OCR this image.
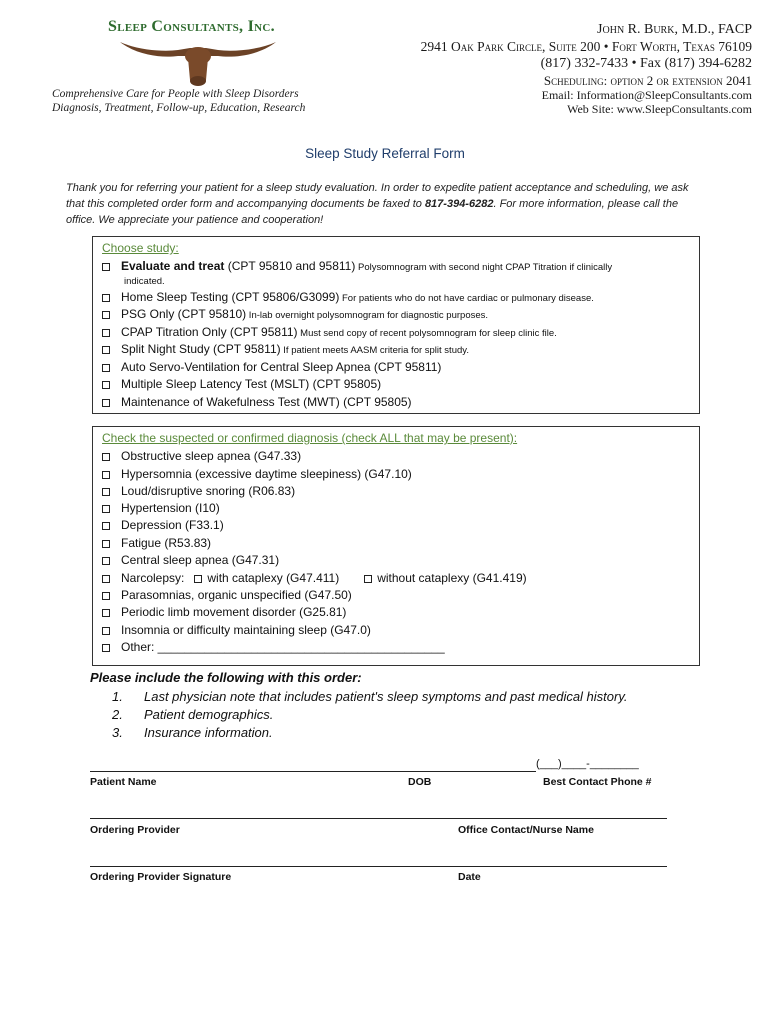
Sleep Consultants, Inc.
Comprehensive Care for People with Sleep Disorders
Diagnosis, Treatment, Follow-up, Education, Research
John R. Burk, M.D., FACP
2941 Oak Park Circle, Suite 200 • Fort Worth, Texas 76109
(817) 332-7433 • Fax (817) 394-6282
Scheduling: option 2 or extension 2041
Email: Information@SleepConsultants.com
Web Site: www.SleepConsultants.com
Sleep Study Referral Form
Thank you for referring your patient for a sleep study evaluation. In order to expedite patient acceptance and scheduling, we ask that this completed order form and accompanying documents be faxed to 817-394-6282. For more information, please call the office. We appreciate your patience and cooperation!
Choose study:
Evaluate and treat (CPT 95810 and 95811) Polysomnogram with second night CPAP Titration if clinically
indicated.
Home Sleep Testing (CPT 95806/G3099) For patients who do not have cardiac or pulmonary disease.
PSG Only (CPT 95810) In-lab overnight polysomnogram for diagnostic purposes.
CPAP Titration Only (CPT 95811) Must send copy of recent polysomnogram for sleep clinic file.
Split Night Study (CPT 95811) If patient meets AASM criteria for split study.
Auto Servo-Ventilation for Central Sleep Apnea (CPT 95811)
Multiple Sleep Latency Test (MSLT) (CPT 95805)
Maintenance of Wakefulness Test (MWT) (CPT 95805)
Check the suspected or confirmed diagnosis (check ALL that may be present):
Obstructive sleep apnea (G47.33)
Hypersomnia (excessive daytime sleepiness) (G47.10)
Loud/disruptive snoring (R06.83)
Hypertension (I10)
Depression (F33.1)
Fatigue (R53.83)
Central sleep apnea (G47.31)
Narcolepsy: with cataplexy (G47.411)	without cataplexy (G41.419)
Parasomnias, organic unspecified (G47.50)
Periodic limb movement disorder (G25.81)
Insomnia or difficulty maintaining sleep (G47.0)
Other: ___________________________________________
Please include the following with this order:
1. Last physician note that includes patient's sleep symptoms and past medical history.
2. Patient demographics.
3. Insurance information.
(___)____-________
Patient Name	DOB	Best Contact Phone #
Ordering Provider	Office Contact/Nurse Name
Ordering Provider Signature	Date
